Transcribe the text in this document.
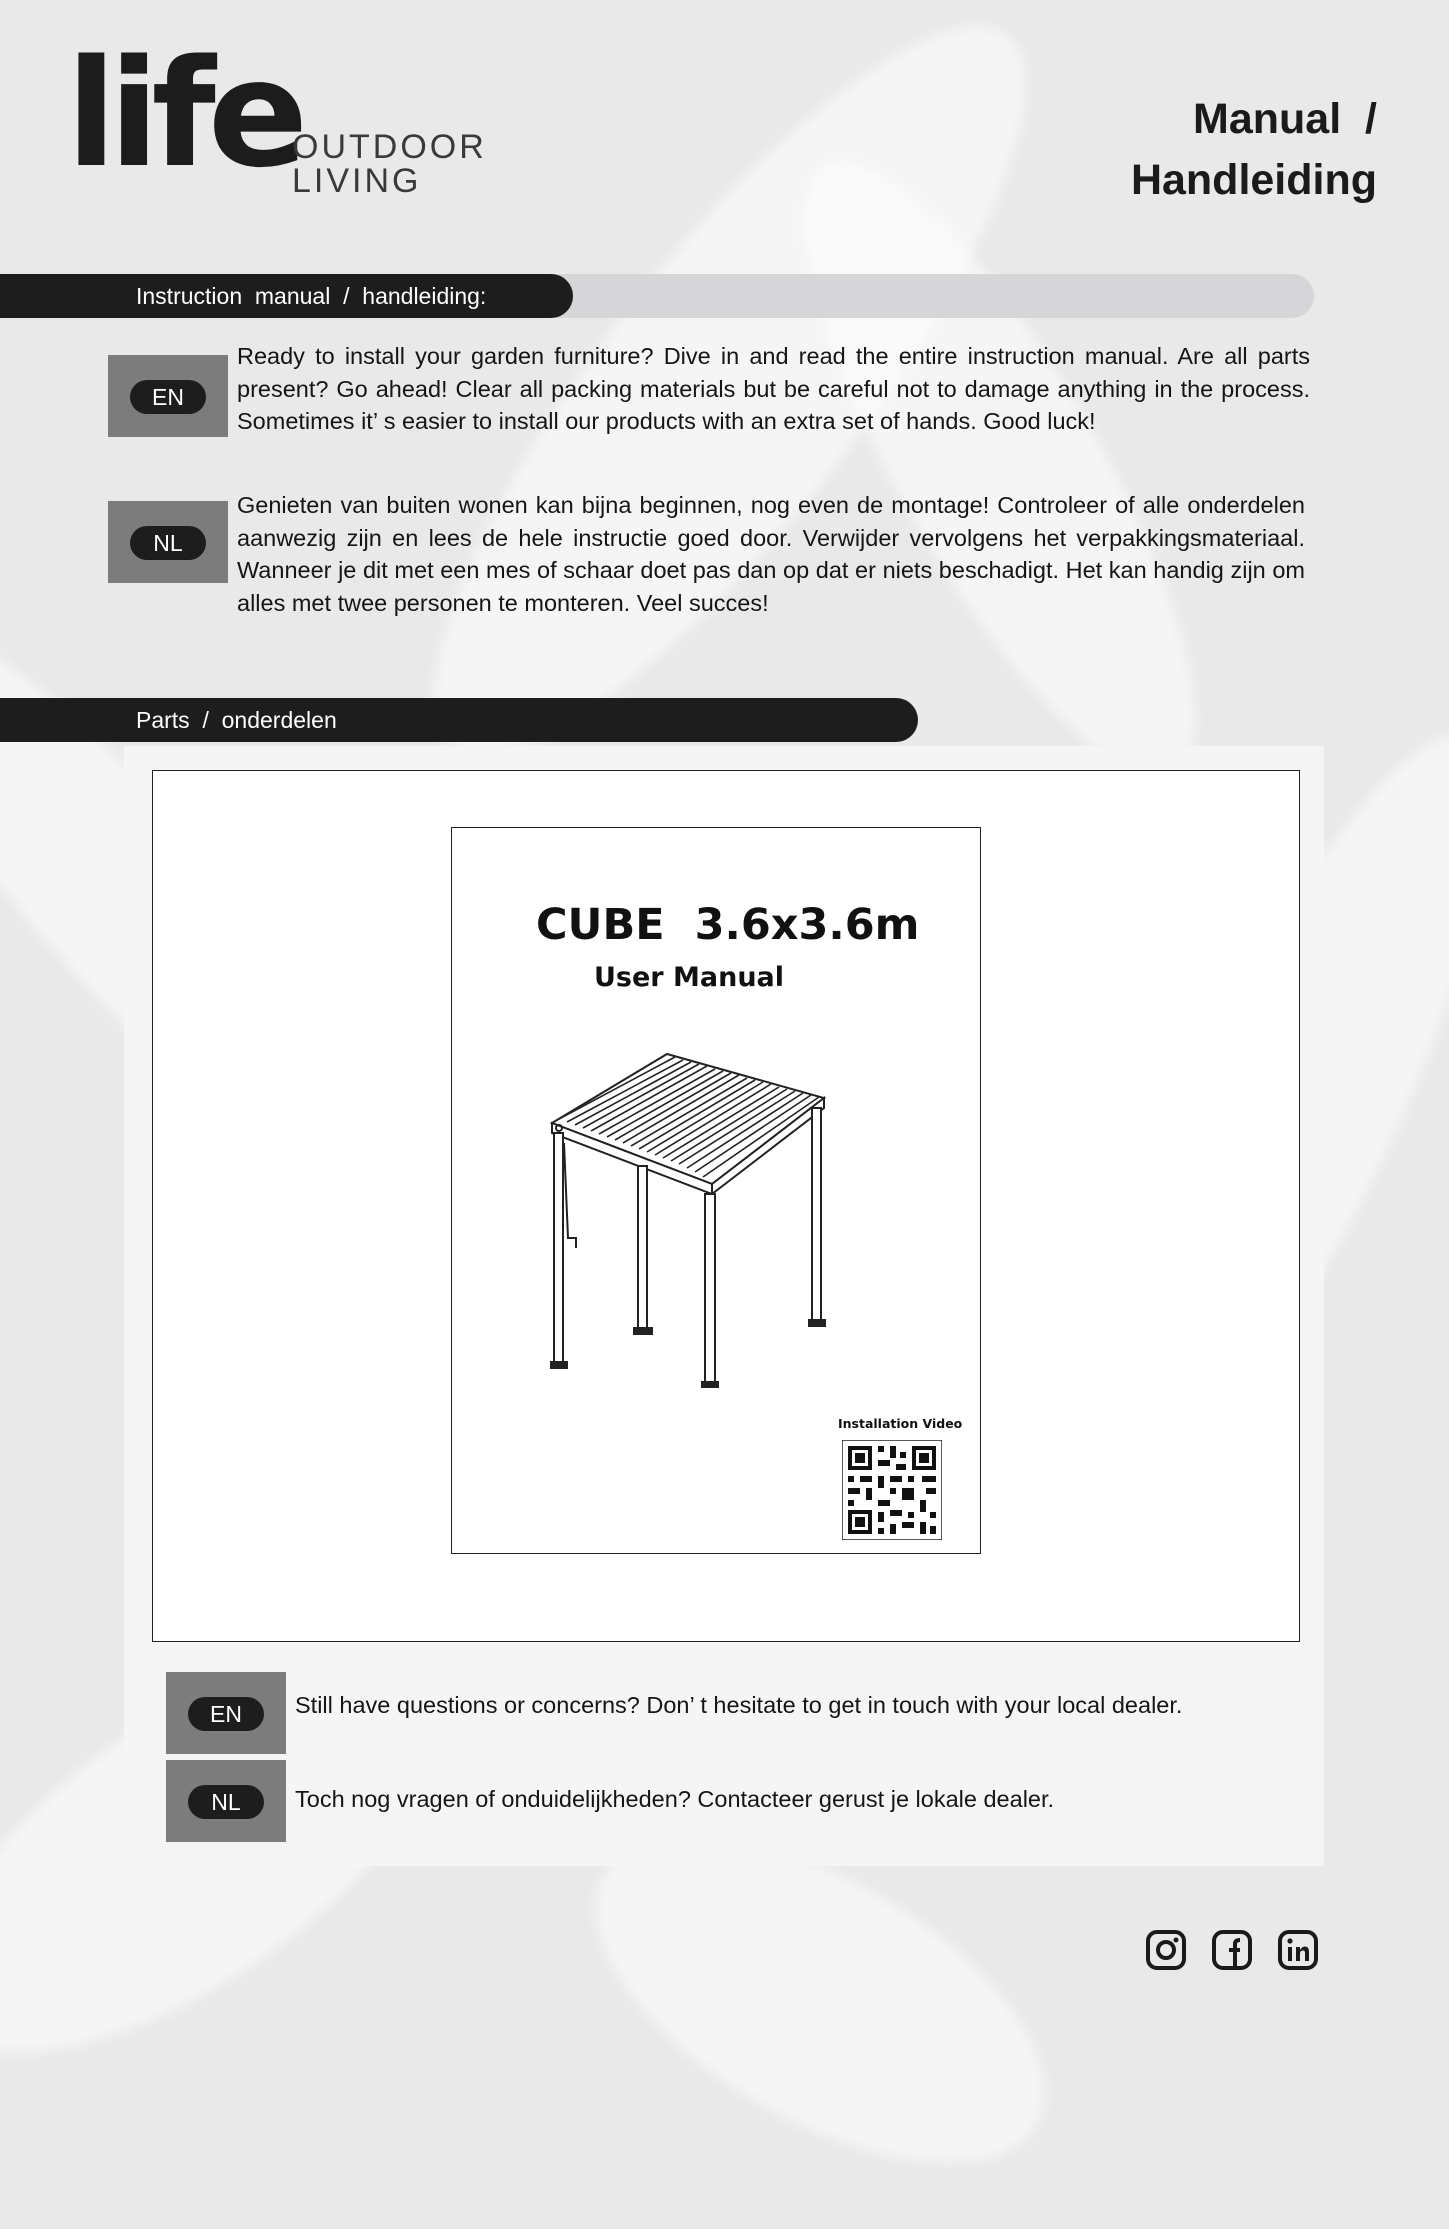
life
OUTDOOR
LIVING
Manual  /
Handleiding
Instruction  manual  /  handleiding:
EN
Ready to install your garden furniture? Dive in and read the entire instruction manual. Are all parts present? Go ahead! Clear all packing materials but be careful not to damage anything in the process. Sometimes it’ s easier to install our products with an extra set of hands. Good luck!
NL
Genieten van buiten wonen kan bijna beginnen, nog even de montage! Controleer of alle onderdelen aanwezig zijn en lees de hele instructie goed door. Verwijder vervolgens het verpakkingsmateriaal. Wanneer je dit met een mes of schaar doet pas dan op dat er niets beschadigt. Het kan handig zijn om alles met twee personen te monteren. Veel succes!
Parts  /  onderdelen
CUBE  3.6x3.6m
User Manual
Installation Video
EN	Still have questions or concerns? Don’ t hesitate to get in touch with your local dealer.
NL	Toch nog vragen of onduidelijkheden? Contacteer gerust je lokale dealer.
